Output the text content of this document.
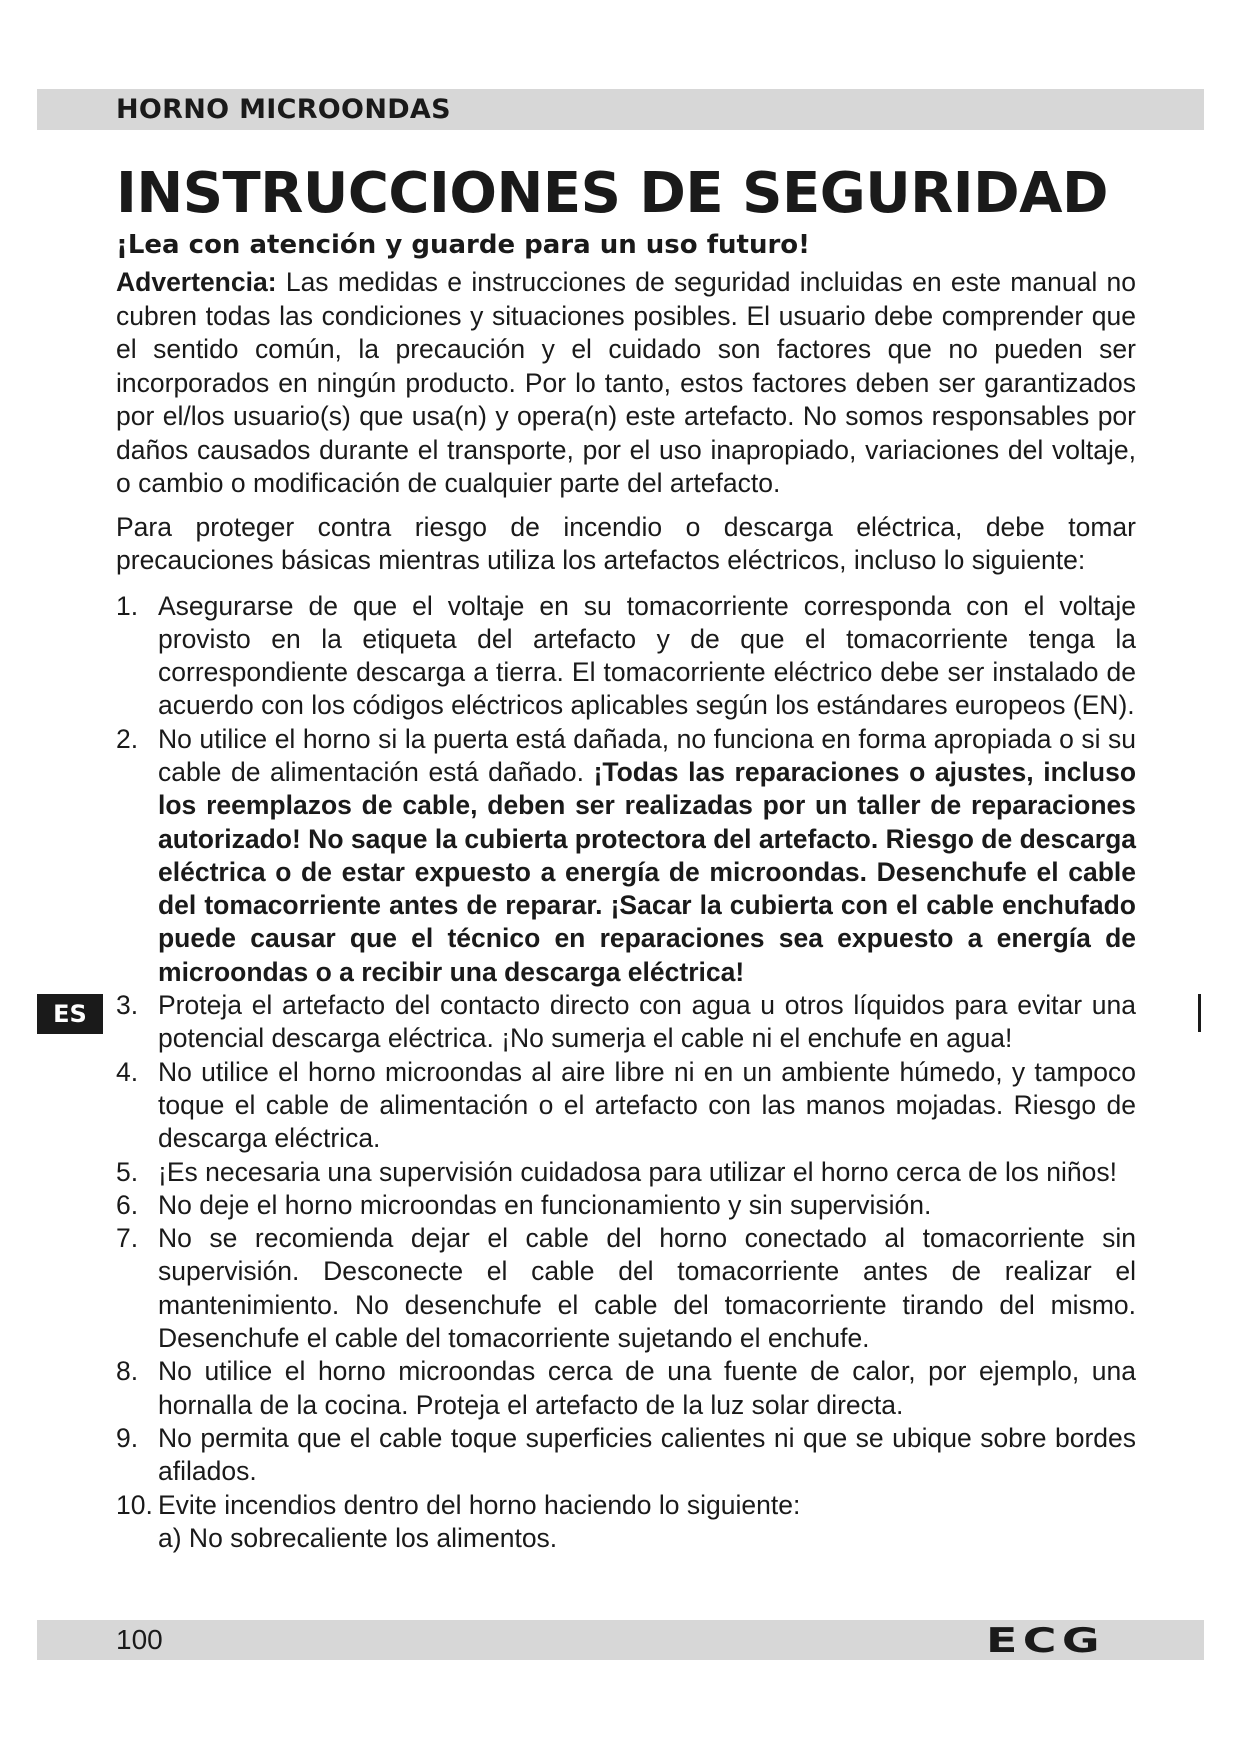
HORNO MICROONDAS
INSTRUCCIONES DE SEGURIDAD

¡Lea con atención y guarde para un uso futuro!

Advertencia: Las medidas e instrucciones de seguridad incluidas en este manual no cubren todas las condiciones y situaciones posibles. El usuario debe comprender que el sentido común, la precaución y el cuidado son factores que no pueden ser incorporados en ningún producto. Por lo tanto, estos factores deben ser garantizados por el/los usuario(s) que usa(n) y opera(n) este artefacto. No somos responsables por daños causados durante el transporte, por el uso inapropiado, variaciones del voltaje, o cambio o modificación de cualquier parte del artefacto.

Para proteger contra riesgo de incendio o descarga eléctrica, debe tomar precauciones básicas mientras utiliza los artefactos eléctricos, incluso lo siguiente:

1. Asegurarse de que el voltaje en su tomacorriente corresponda con el voltaje provisto en la etiqueta del artefacto y de que el tomacorriente tenga la correspondiente descarga a tierra. El tomacorriente eléctrico debe ser instalado de acuerdo con los códigos eléctricos aplicables según los estándares europeos (EN).
2. No utilice el horno si la puerta está dañada, no funciona en forma apropiada o si su cable de alimentación está dañado. ¡Todas las reparaciones o ajustes, incluso los reemplazos de cable, deben ser realizadas por un taller de reparaciones autorizado! No saque la cubierta protectora del artefacto. Riesgo de descarga eléctrica o de estar expuesto a energía de microondas. Desenchufe el cable del tomacorriente antes de reparar. ¡Sacar la cubierta con el cable enchufado puede causar que el técnico en reparaciones sea expuesto a energía de microondas o a recibir una descarga eléctrica!
3. Proteja el artefacto del contacto directo con agua u otros líquidos para evitar una potencial descarga eléctrica. ¡No sumerja el cable ni el enchufe en agua!
4. No utilice el horno microondas al aire libre ni en un ambiente húmedo, y tampoco toque el cable de alimentación o el artefacto con las manos mojadas. Riesgo de descarga eléctrica.
5. ¡Es necesaria una supervisión cuidadosa para utilizar el horno cerca de los niños!
6. No deje el horno microondas en funcionamiento y sin supervisión.
7. No se recomienda dejar el cable del horno conectado al tomacorriente sin supervisión. Desconecte el cable del tomacorriente antes de realizar el mantenimiento. No desenchufe el cable del tomacorriente tirando del mismo. Desenchufe el cable del tomacorriente sujetando el enchufe.
8. No utilice el horno microondas cerca de una fuente de calor, por ejemplo, una hornalla de la cocina. Proteja el artefacto de la luz solar directa.
9. No permita que el cable toque superficies calientes ni que se ubique sobre bordes afilados.
10. Evite incendios dentro del horno haciendo lo siguiente:
a) No sobrecaliente los alimentos.
ES
100	ECG
